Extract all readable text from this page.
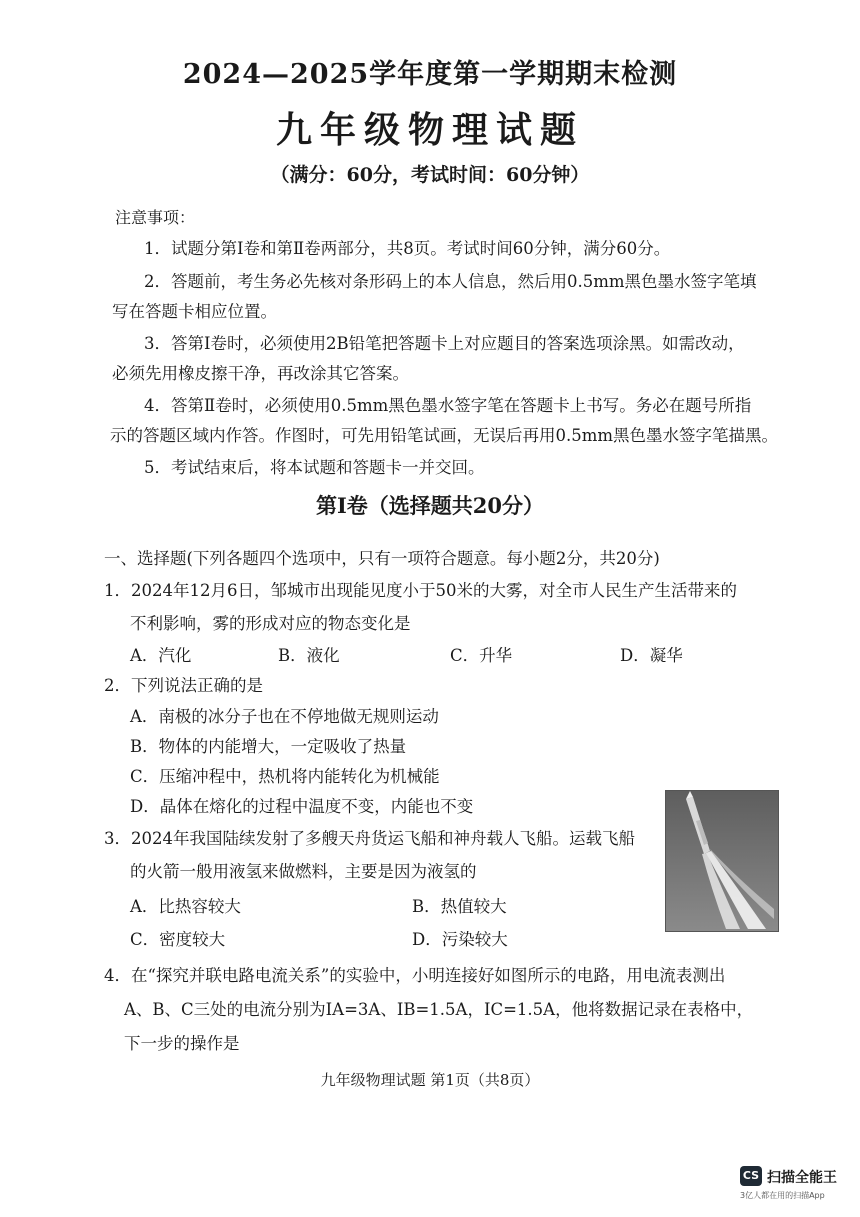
2024—2025学年度第一学期期末检测
九年级物理试题
（满分：60分，考试时间：60分钟）
注意事项：
1．试题分第Ⅰ卷和第Ⅱ卷两部分，共8页。考试时间60分钟，满分60分。
2．答题前，考生务必先核对条形码上的本人信息，然后用0.5mm黑色墨水签字笔填
写在答题卡相应位置。
3．答第Ⅰ卷时，必须使用2B铅笔把答题卡上对应题目的答案选项涂黑。如需改动，
必须先用橡皮擦干净，再改涂其它答案。
4．答第Ⅱ卷时，必须使用0.5mm黑色墨水签字笔在答题卡上书写。务必在题号所指
示的答题区域内作答。作图时，可先用铅笔试画，无误后再用0.5mm黑色墨水签字笔描黑。
5．考试结束后，将本试题和答题卡一并交回。
第Ⅰ卷（选择题共20分）
一、选择题(下列各题四个选项中，只有一项符合题意。每小题2分，共20分)
1．2024年12月6日，邹城市出现能见度小于50米的大雾，对全市人民生产生活带来的
不利影响，雾的形成对应的物态变化是
A．汽化	B．液化	C．升华	D．凝华
2．下列说法正确的是
A．南极的冰分子也在不停地做无规则运动
B．物体的内能增大，一定吸收了热量
C．压缩冲程中，热机将内能转化为机械能
D．晶体在熔化的过程中温度不变，内能也不变
3．2024年我国陆续发射了多艘天舟货运飞船和神舟载人飞船。运载飞船
的火箭一般用液氢来做燃料，主要是因为液氢的
A．比热容较大	B．热值较大
C．密度较大	D．污染较大
4．在“探究并联电路电流关系”的实验中，小明连接好如图所示的电路，用电流表测出
A、B、C三处的电流分别为IA=3A、IB=1.5A，IC=1.5A，他将数据记录在表格中，
下一步的操作是
九年级物理试题 第1页（共8页）
CS 扫描全能王
3亿人都在用的扫描App
